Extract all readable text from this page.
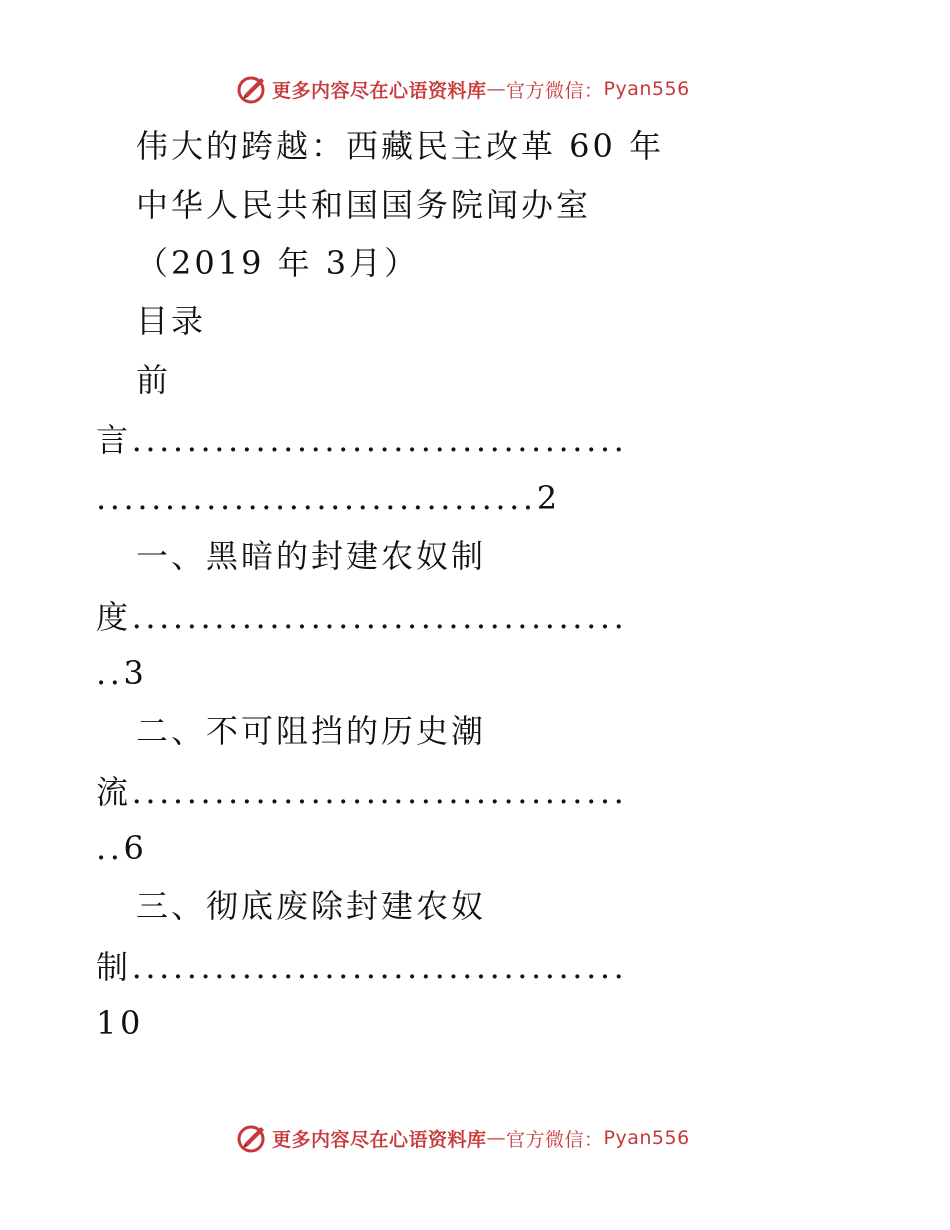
更多内容尽在心语资料库 — 官方微信： Pyan556
伟大的跨越：西藏民主改革 60 年
中华人民共和国国务院闻办室
（2019 年 3月）
目录
前
言....................................
................................2
一、黑暗的封建农奴制
度....................................
..3
二、不可阻挡的历史潮
流....................................
..6
三、彻底废除封建农奴
制....................................
10
更多内容尽在心语资料库 — 官方微信： Pyan556
